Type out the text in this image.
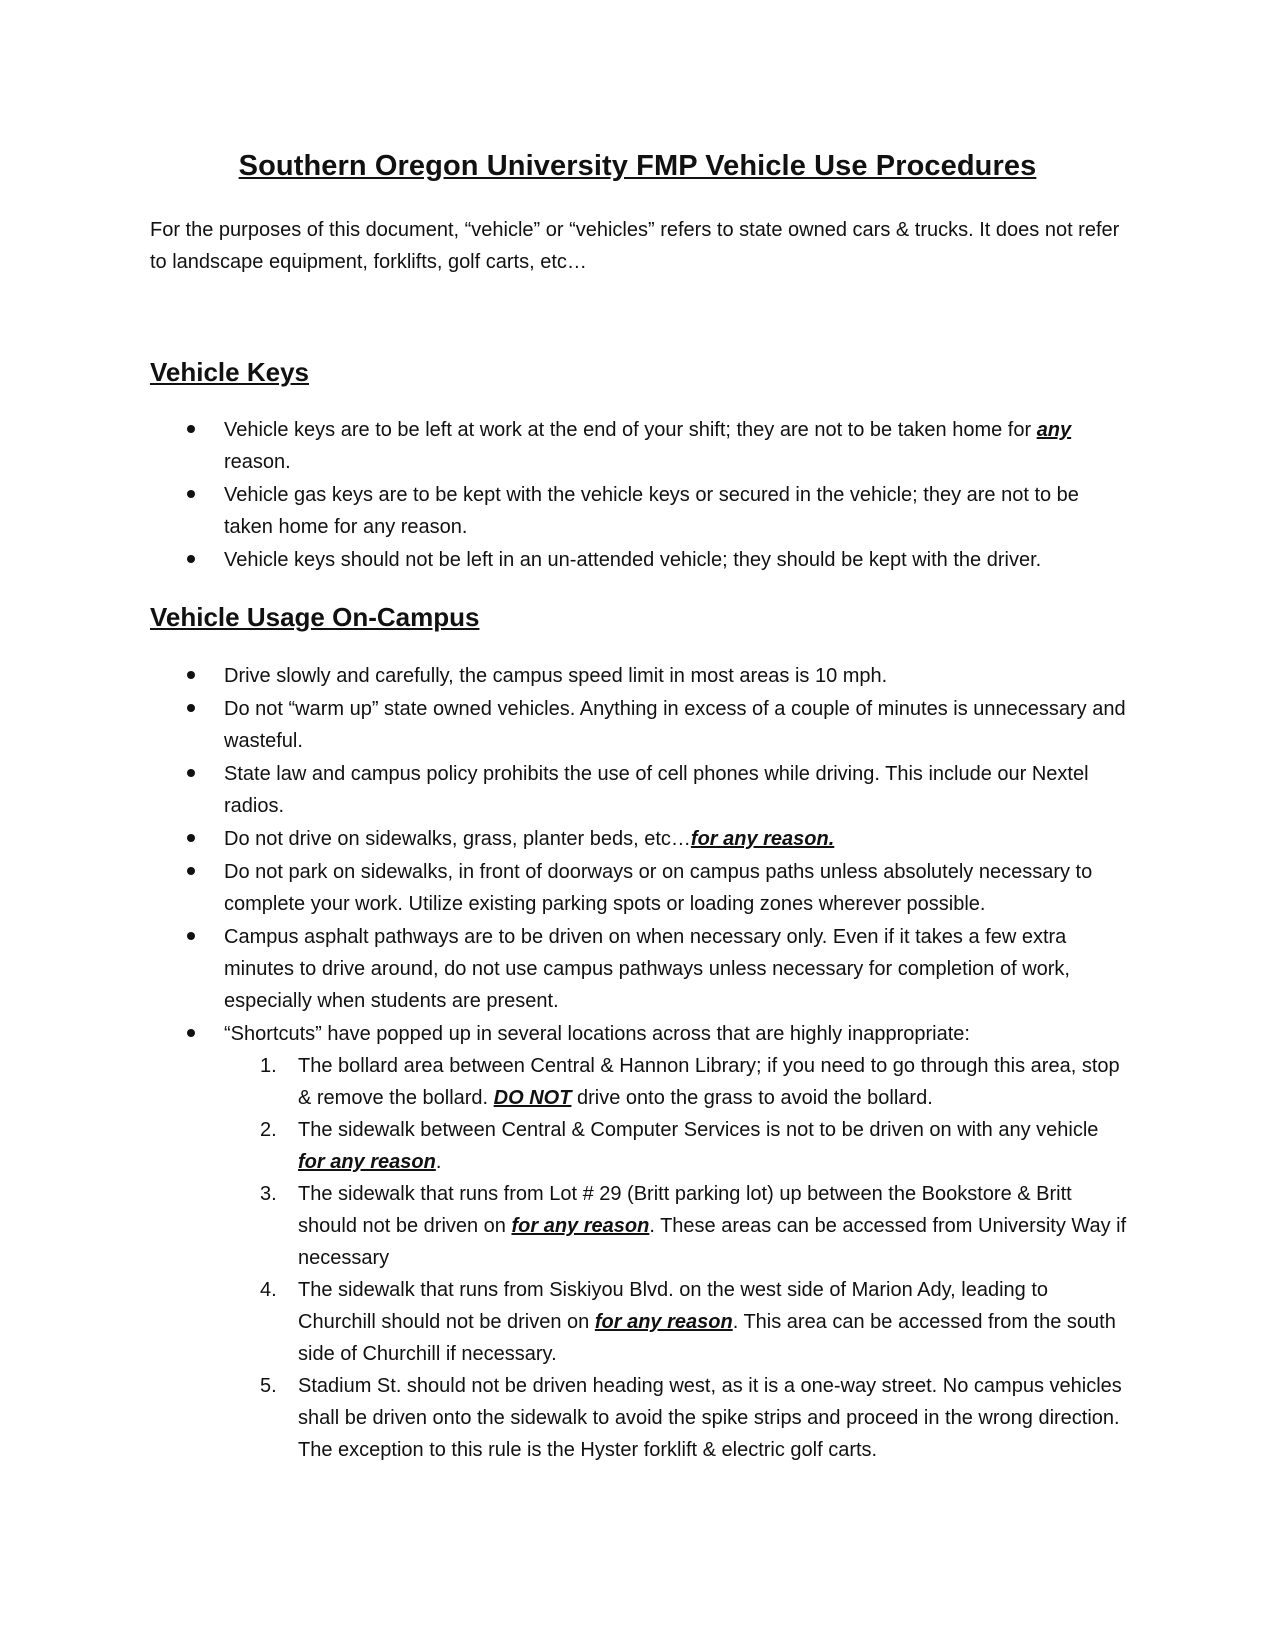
Southern Oregon University FMP Vehicle Use Procedures

For the purposes of this document, “vehicle” or “vehicles” refers to state owned cars & trucks. It does not refer to landscape equipment, forklifts, golf carts, etc…

Vehicle Keys
Vehicle keys are to be left at work at the end of your shift; they are not to be taken home for any reason.
Vehicle gas keys are to be kept with the vehicle keys or secured in the vehicle; they are not to be taken home for any reason.
Vehicle keys should not be left in an un-attended vehicle; they should be kept with the driver.
Vehicle Usage On-Campus
Drive slowly and carefully, the campus speed limit in most areas is 10 mph.
Do not “warm up” state owned vehicles. Anything in excess of a couple of minutes is unnecessary and wasteful.
State law and campus policy prohibits the use of cell phones while driving. This include our Nextel radios.
Do not drive on sidewalks, grass, planter beds, etc…for any reason.
Do not park on sidewalks, in front of doorways or on campus paths unless absolutely necessary to complete your work. Utilize existing parking spots or loading zones wherever possible.
Campus asphalt pathways are to be driven on when necessary only. Even if it takes a few extra minutes to drive around, do not use campus pathways unless necessary for completion of work, especially when students are present.
“Shortcuts” have popped up in several locations across that are highly inappropriate:
1. The bollard area between Central & Hannon Library; if you need to go through this area, stop & remove the bollard. DO NOT drive onto the grass to avoid the bollard.
2. The sidewalk between Central & Computer Services is not to be driven on with any vehicle for any reason.
3. The sidewalk that runs from Lot # 29 (Britt parking lot) up between the Bookstore & Britt should not be driven on for any reason. These areas can be accessed from University Way if necessary
4. The sidewalk that runs from Siskiyou Blvd. on the west side of Marion Ady, leading to Churchill should not be driven on for any reason. This area can be accessed from the south side of Churchill if necessary.
5. Stadium St. should not be driven heading west, as it is a one-way street. No campus vehicles shall be driven onto the sidewalk to avoid the spike strips and proceed in the wrong direction. The exception to this rule is the Hyster forklift & electric golf carts.
